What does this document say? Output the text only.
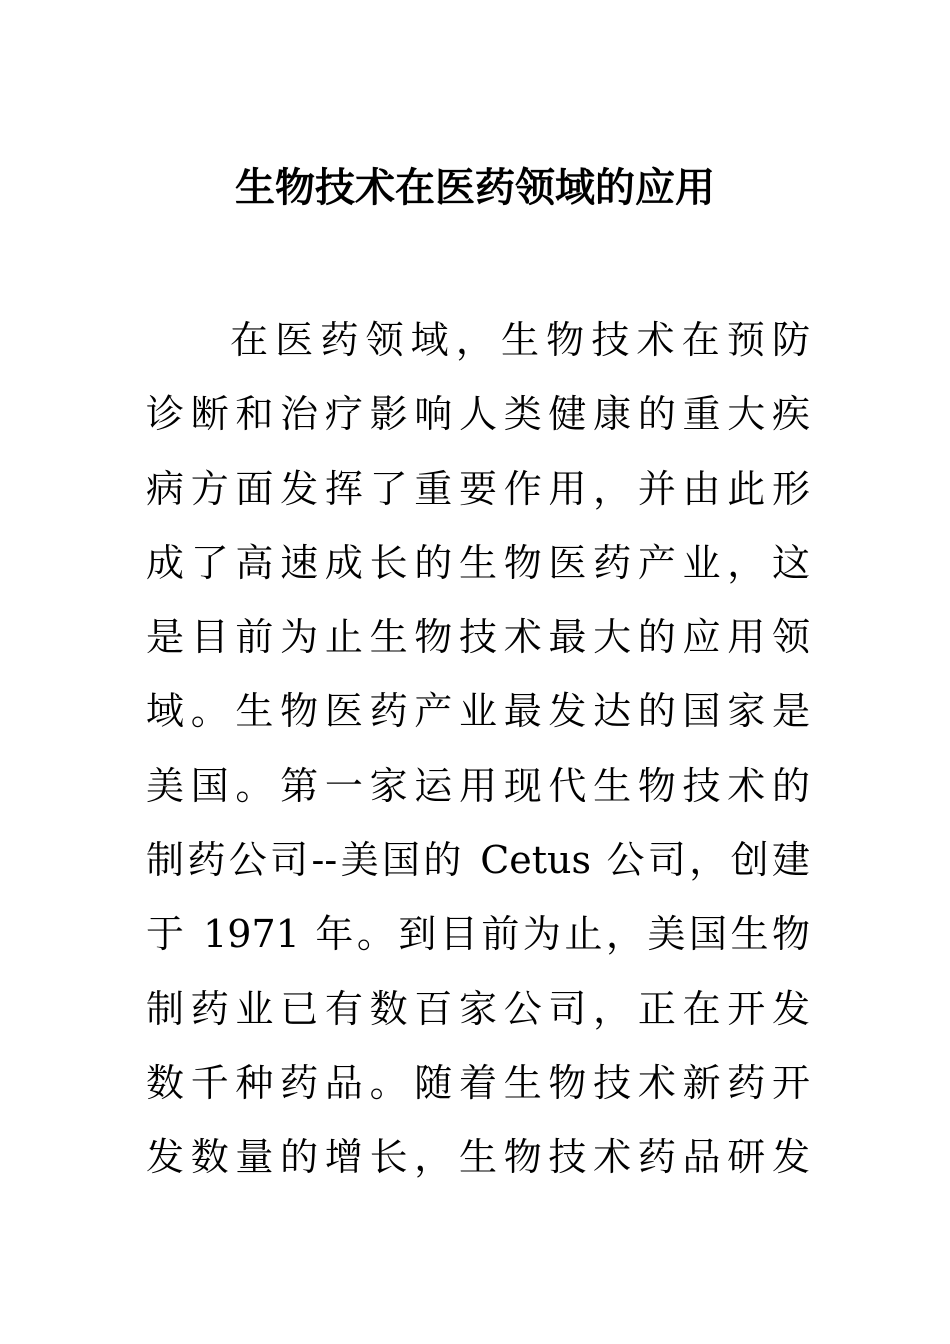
生物技术在医药领域的应用
在医药领域，生物技术在预防
诊断和治疗影响人类健康的重大疾
病方面发挥了重要作用，并由此形
成了高速成长的生物医药产业，这
是目前为止生物技术最大的应用领
域。生物医药产业最发达的国家是
美国。第一家运用现代生物技术的
制药公司--美国的 Cetus 公司，创建
于 1971 年。到目前为止，美国生物
制药业已有数百家公司，正在开发
数千种药品。随着生物技术新药开
发数量的增长，生物技术药品研发
